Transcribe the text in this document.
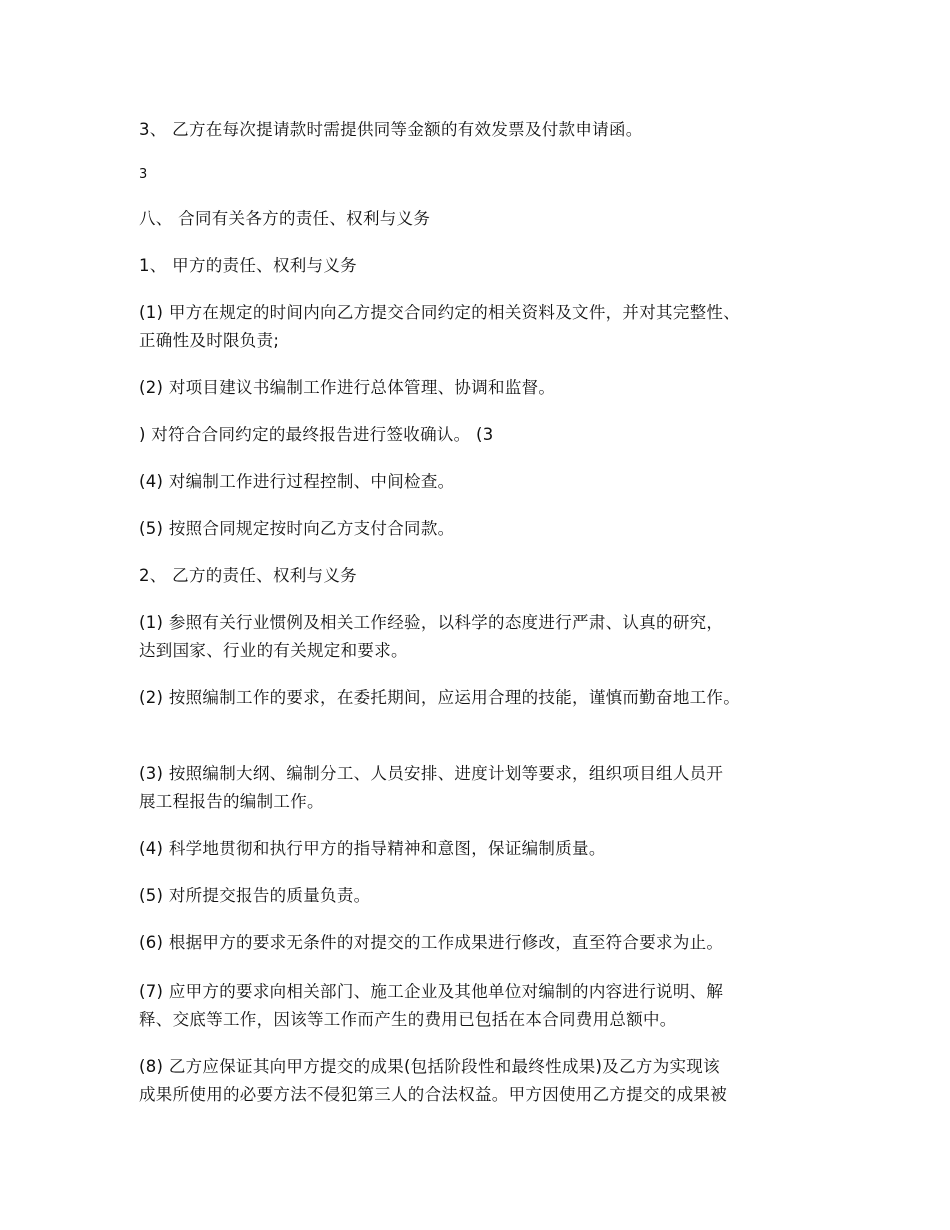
3、 乙方在每次提请款时需提供同等金额的有效发票及付款申请函。

3

八、 合同有关各方的责任、权利与义务

1、 甲方的责任、权利与义务

(1) 甲方在规定的时间内向乙方提交合同约定的相关资料及文件，并对其完整性、

正确性及时限负责;

(2) 对项目建议书编制工作进行总体管理、协调和监督。

) 对符合合同约定的最终报告进行签收确认。 (3

(4) 对编制工作进行过程控制、中间检查。

(5) 按照合同规定按时向乙方支付合同款。

2、 乙方的责任、权利与义务

(1) 参照有关行业惯例及相关工作经验，以科学的态度进行严肃、认真的研究，

达到国家、行业的有关规定和要求。

(2) 按照编制工作的要求，在委托期间，应运用合理的技能，谨慎而勤奋地工作。

(3) 按照编制大纲、编制分工、人员安排、进度计划等要求，组织项目组人员开

展工程报告的编制工作。

(4) 科学地贯彻和执行甲方的指导精神和意图，保证编制质量。

(5) 对所提交报告的质量负责。

(6) 根据甲方的要求无条件的对提交的工作成果进行修改，直至符合要求为止。

(7) 应甲方的要求向相关部门、施工企业及其他单位对编制的内容进行说明、解

释、交底等工作，因该等工作而产生的费用已包括在本合同费用总额中。

(8) 乙方应保证其向甲方提交的成果(包括阶段性和最终性成果)及乙方为实现该

成果所使用的必要方法不侵犯第三人的合法权益。甲方因使用乙方提交的成果被
